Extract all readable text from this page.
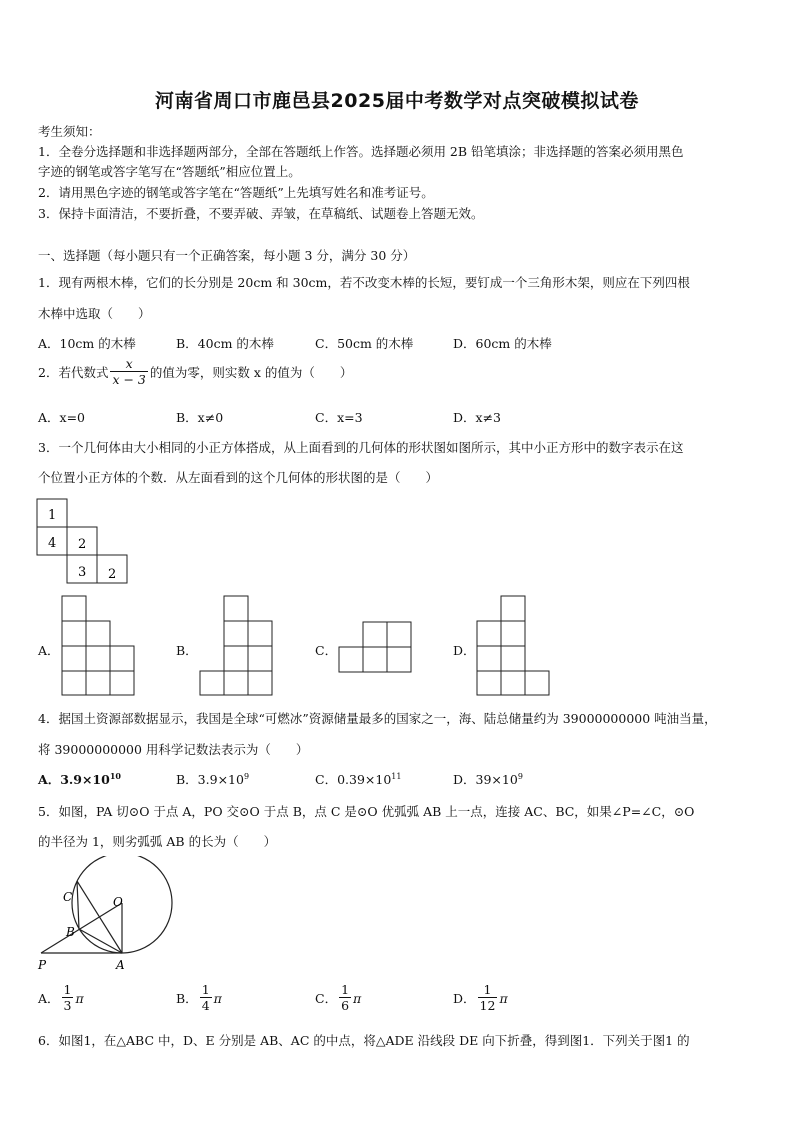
河南省周口市鹿邑县2025届中考数学对点突破模拟试卷
考生须知：
1．全卷分选择题和非选择题两部分，全部在答题纸上作答。选择题必须用 2B 铅笔填涂；非选择题的答案必须用黑色
字迹的钢笔或答字笔写在“答题纸”相应位置上。
2．请用黑色字迹的钢笔或答字笔在“答题纸”上先填写姓名和准考证号。
3．保持卡面清洁，不要折叠，不要弄破、弄皱，在草稿纸、试题卷上答题无效。
一、选择题（每小题只有一个正确答案，每小题 3 分，满分 30 分）
1．现有两根木棒，它们的长分别是 20cm 和 30cm，若不改变木棒的长短，要钉成一个三角形木架，则应在下列四根
木棒中选取（　　）
A．10cm 的木棒	B．40cm 的木棒	C．50cm 的木棒	D．60cm 的木棒
2．若代数式 $\frac{x}{x - 3}$ 的值为零，则实数 x 的值为（　　）
A．x=0	B．x≠0	C．x=3	D．x≠3
3．一个几何体由大小相同的小正方体搭成，从上面看到的几何体的形状图如图所示，其中小正方形中的数字表示在这
个位置小正方体的个数．从左面看到的这个几何体的形状图的是（　　）
1
4 2
3 2
A．	B．	C．	D．
4．据国土资源部数据显示，我国是全球“可燃冰”资源储量最多的国家之一，海、陆总储量约为 39000000000 吨油当量，
将 39000000000 用科学记数法表示为（　　）
A．$3.9\times 10^{10}$	B．$3.9\times 10^9$	C．$0.39\times 10^{11}$	D．$39\times 10^9$
5．如图，PA 切⊙O 于点 A，PO 交⊙O 于点 B，点 C 是⊙O 优弧弧 AB 上一点，连接 AC、BC，如果∠P=∠C，⊙O
的半径为 1，则劣弧弧 AB 的长为（　　）
C	O
B
P	A
A． $\frac{1}{3}$ π	B． $\frac{1}{4}$ π	C． $\frac{1}{6}$ π	D． $\frac{1}{12}$ π
6．如图1，在△ABC 中，D、E 分别是 AB、AC 的中点，将△ADE 沿线段 DE 向下折叠，得到图1．下列关于图1 的
